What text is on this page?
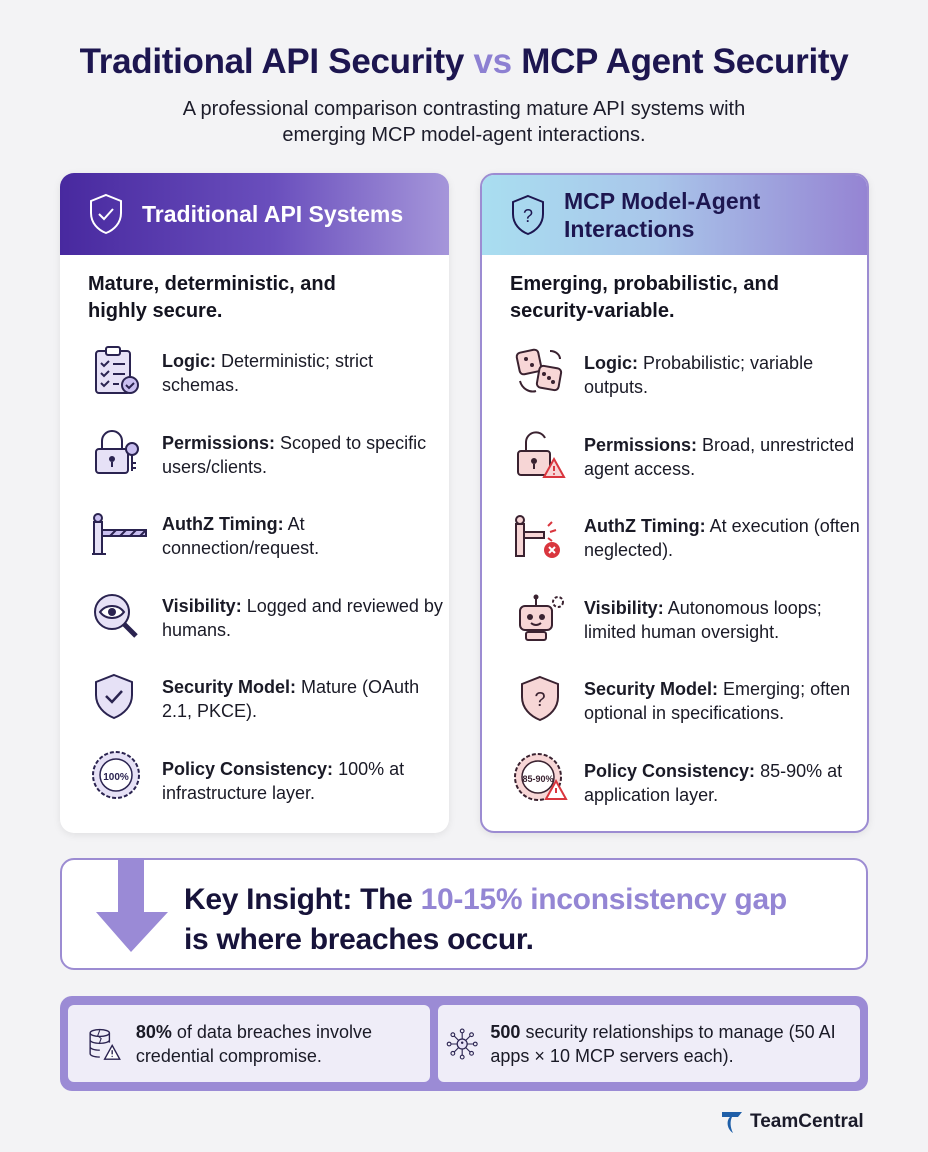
Traditional API Security vs MCP Agent Security
A professional comparison contrasting mature API systems with
emerging MCP model-agent interactions.
Traditional API Systems
Mature, deterministic, and
highly secure.
Logic: Deterministic; strict schemas.
Permissions: Scoped to specific users/clients.
AuthZ Timing: At connection/request.
Visibility: Logged and reviewed by humans.
Security Model: Mature (OAuth 2.1, PKCE).
100%	Policy Consistency: 100% at infrastructure layer.
?
MCP Model-Agent
Interactions
Emerging, probabilistic, and
security-variable.
Logic: Probabilistic; variable outputs.
Permissions: Broad, unrestricted agent access.
AuthZ Timing: At execution (often neglected).
Visibility: Autonomous loops; limited human oversight.
? Security Model: Emerging; often optional in specifications.
85-90%	Policy Consistency: 85-90% at application layer.
Key Insight: The 10-15% inconsistency gap
is where breaches occur.
80% of data breaches involve credential compromise.
500 security relationships to manage (50 AI apps × 10 MCP servers each).
TeamCentral
